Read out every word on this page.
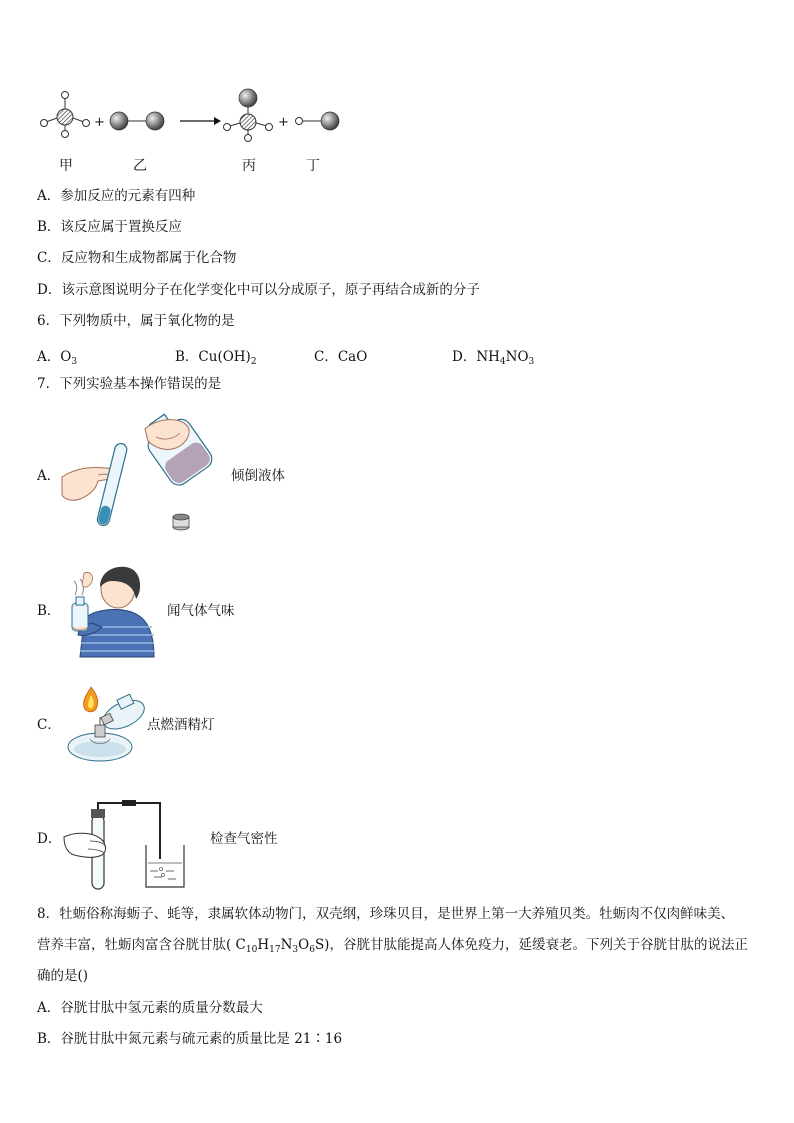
+	+
甲	乙	丙	丁
A．参加反应的元素有四种
B．该反应属于置换反应
C．反应物和生成物都属于化合物
D．该示意图说明分子在化学变化中可以分成原子，原子再结合成新的分子
6．下列物质中，属于氧化物的是
A．$O_3$	B．$Cu(OH)_2$	C．CaO	D．$NH_4NO_3$
7．下列实验基本操作错误的是
A．	倾倒液体
B．	闻气体气味
C．	点燃酒精灯
D．	检查气密性
8．牡蛎俗称海蛎子、蚝等，隶属软体动物门，双壳纲，珍珠贝目，是世界上第一大养殖贝类。牡蛎肉不仅肉鲜味美、
营养丰富，牡蛎肉富含谷胱甘肽( $C_{10}H_{17}N_3O_6S$)，谷胱甘肽能提高人体免疫力，延缓衰老。下列关于谷胱甘肽的说法正
确的是()
A．谷胱甘肽中氢元素的质量分数最大
B．谷胱甘肽中氮元素与硫元素的质量比是 21∶16
